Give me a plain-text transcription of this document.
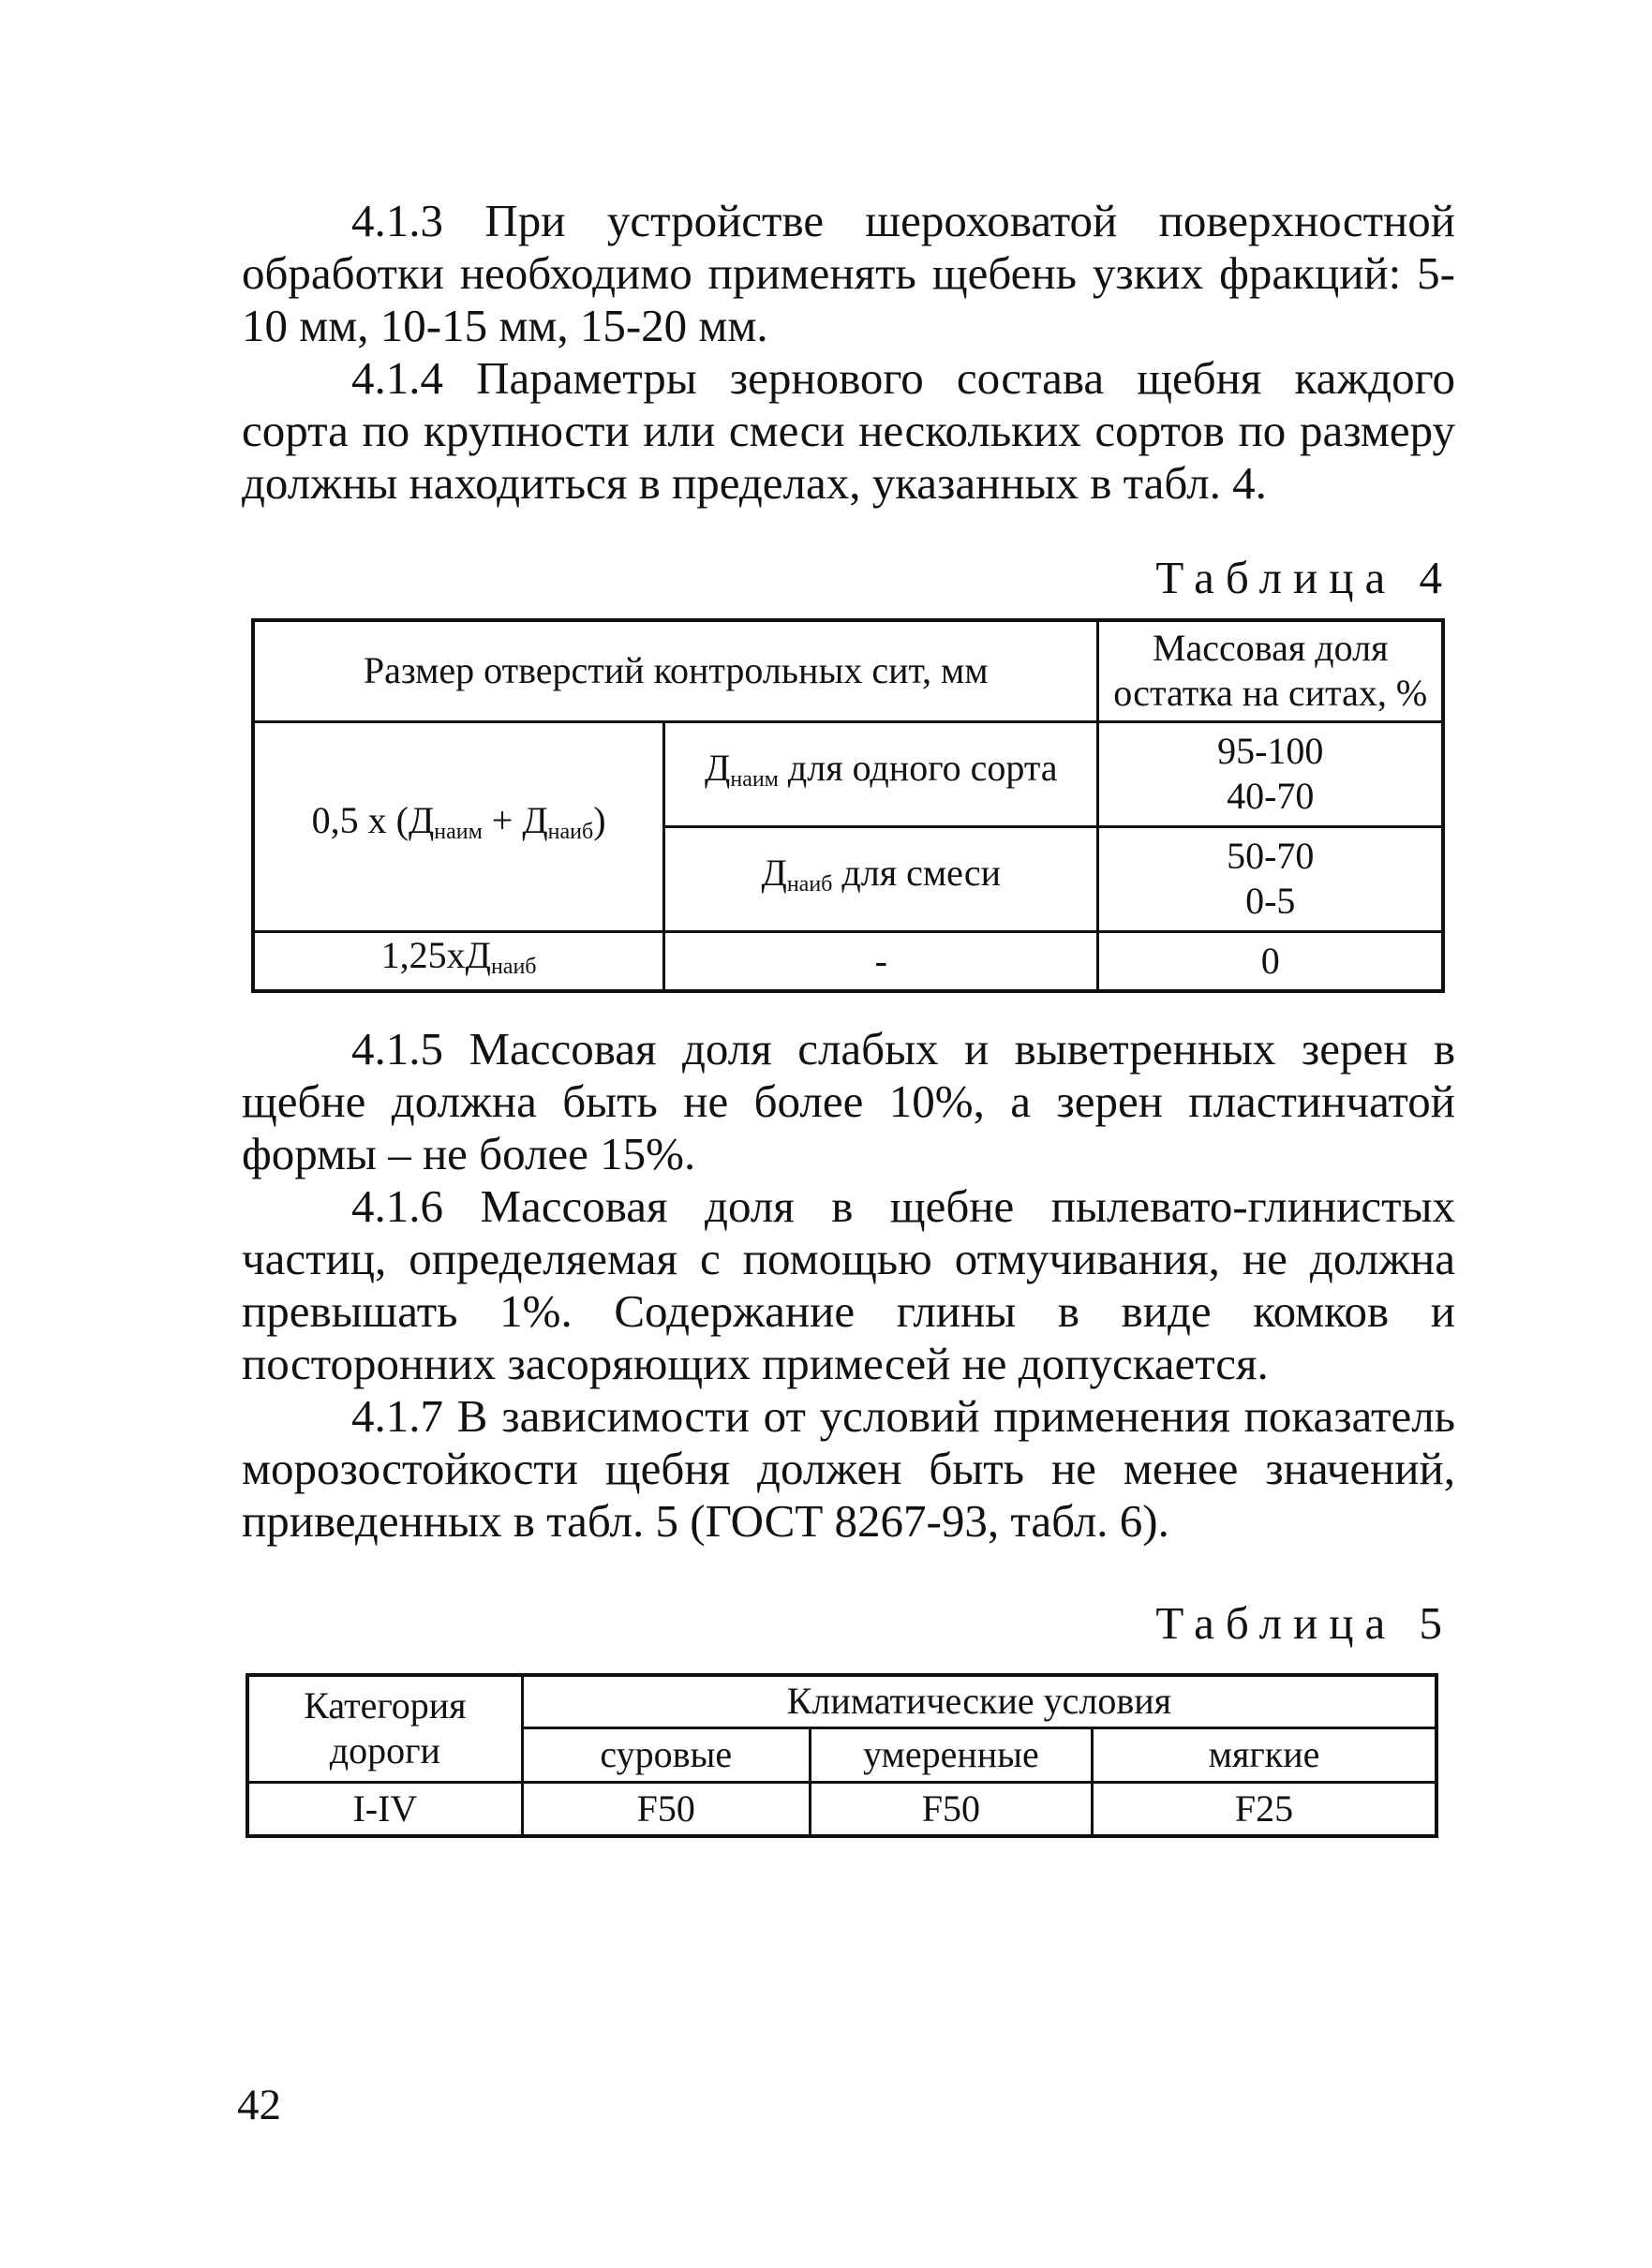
4.1.3 При устройстве шероховатой поверхностной обработки необходимо применять щебень узких фракций: 5-10 мм, 10-15 мм, 15-20 мм.

4.1.4 Параметры зернового состава щебня каждого сорта по крупности или смеси нескольких сортов по размеру должны находиться в пределах, указанных в табл. 4.

Таблица 4

Размер отверстий контрольных сит, мм		Массовая доля
остатка на ситах, %

0,5 х $(Д_{наим} + Д_{наиб})$	$Д_{наим}$ для одного сорта	95-100
40-70

	$Д_{наиб}$ для смеси	50-70
0-5

$1,25хД_{наиб}$	-	0

4.1.5 Массовая доля слабых и выветренных зерен в щебне должна быть не более 10%, а зерен пластинчатой формы – не более 15%.

4.1.6 Массовая доля в щебне пылевато-глинистых частиц, определяемая с помощью отмучивания, не должна превышать 1%. Содержание глины в виде комков и посторонних засоряющих примесей не допускается.

4.1.7 В зависимости от условий применения показатель морозостойкости щебня должен быть не менее значений, приведенных в табл. 5 (ГОСТ 8267-93, табл. 6).

Таблица 5

Категория
дороги	Климатические условия		
	суровые	умеренные	мягкие
I-IV	F50	F50	F25

42
